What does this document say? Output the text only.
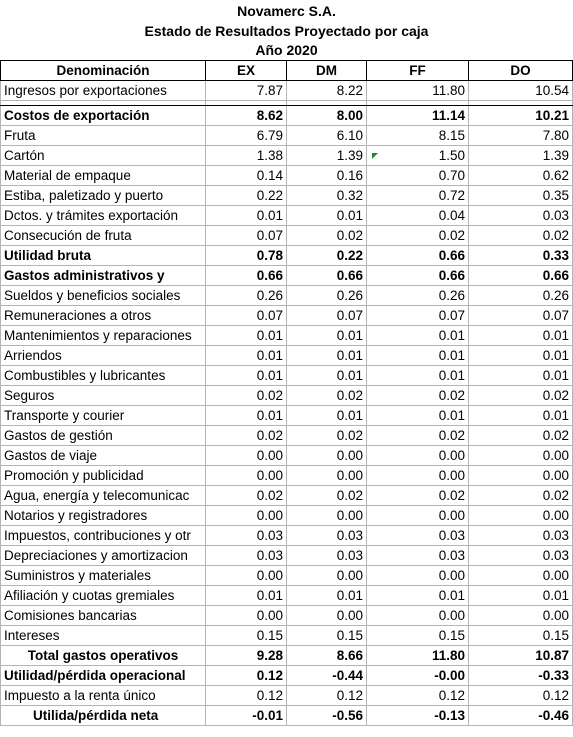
Novamerc S.A.
Estado de Resultados Proyectado por caja
Año 2020
Denominación	EX	DM	FF	DO
Ingresos por exportaciones	7.87	8.22	11.80	10.54

Costos de exportación	8.62	8.00	11.14	10.21
Fruta	6.79	6.10	8.15	7.80
Cartón	1.38	1.39	1.50	1.39
Material de empaque	0.14	0.16	0.70	0.62
Estiba, paletizado y puerto	0.22	0.32	0.72	0.35
Dctos. y trámites exportación	0.01	0.01	0.04	0.03
Consecución de fruta	0.07	0.02	0.02	0.02
Utilidad bruta	0.78	0.22	0.66	0.33
Gastos administrativos y	0.66	0.66	0.66	0.66
Sueldos y beneficios sociales	0.26	0.26	0.26	0.26
Remuneraciones a otros	0.07	0.07	0.07	0.07
Mantenimientos y reparaciones	0.01	0.01	0.01	0.01
Arriendos	0.01	0.01	0.01	0.01
Combustibles y lubricantes	0.01	0.01	0.01	0.01
Seguros	0.02	0.02	0.02	0.02
Transporte y courier	0.01	0.01	0.01	0.01
Gastos de gestión	0.02	0.02	0.02	0.02
Gastos de viaje	0.00	0.00	0.00	0.00
Promoción y publicidad	0.00	0.00	0.00	0.00
Agua, energía y telecomunicac	0.02	0.02	0.02	0.02
Notarios y registradores	0.00	0.00	0.00	0.00
Impuestos, contribuciones y otr	0.03	0.03	0.03	0.03
Depreciaciones y amortizacion	0.03	0.03	0.03	0.03
Suministros y materiales	0.00	0.00	0.00	0.00
Afiliación y cuotas gremiales	0.01	0.01	0.01	0.01
Comisiones bancarias	0.00	0.00	0.00	0.00
Intereses	0.15	0.15	0.15	0.15
Total gastos operativos	9.28	8.66	11.80	10.87
Utilidad/pérdida operacional	0.12	-0.44	-0.00	-0.33
Impuesto a la renta único	0.12	0.12	0.12	0.12
Utilida/pérdida neta	-0.01	-0.56	-0.13	-0.46
